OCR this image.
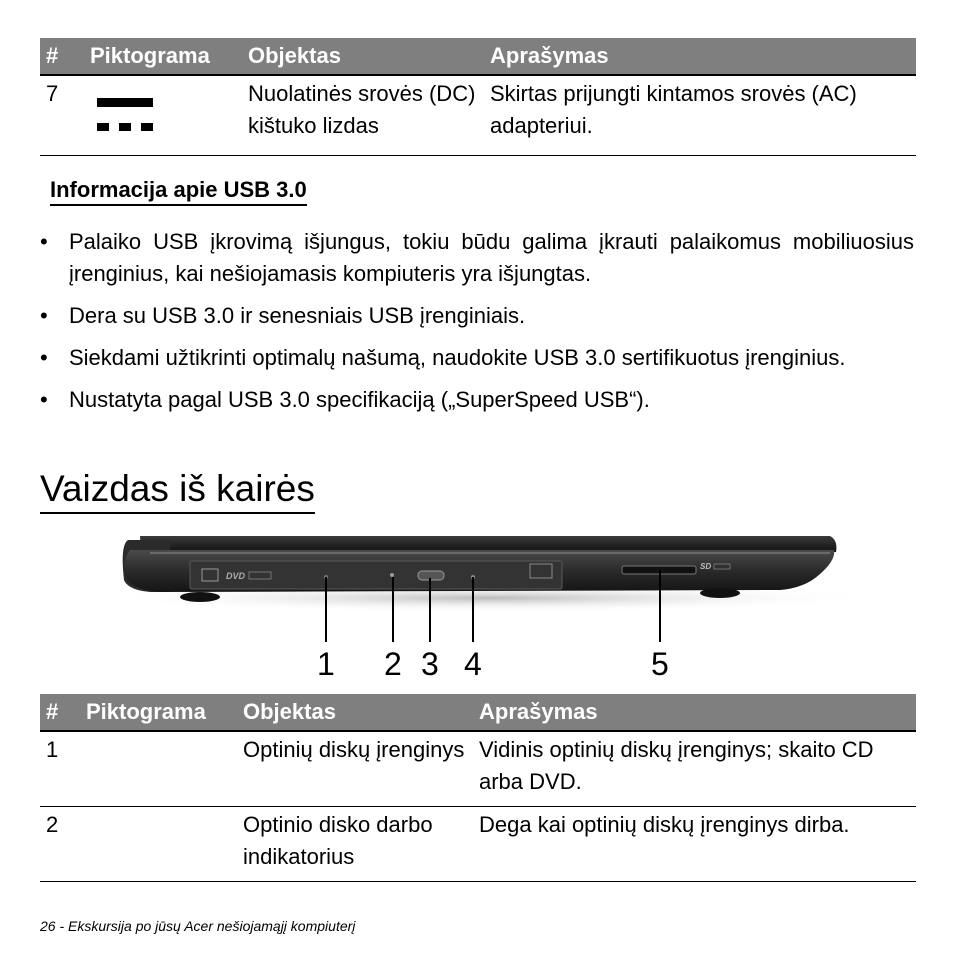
#	Piktograma	Objektas	Aprašymas
7		Nuolatinės srovės (DC) kištuko lizdas	Skirtas prijungti kintamos srovės (AC) adapteriui.
Informacija apie USB 3.0
• Palaiko USB įkrovimą išjungus, tokiu būdu galima įkrauti palaikomus mobiliuosius įrenginius, kai nešiojamasis kompiuteris yra išjungtas.
• Dera su USB 3.0 ir senesniais USB įrenginiais.
• Siekdami užtikrinti optimalų našumą, naudokite USB 3.0 sertifikuotus įrenginius.
• Nustatyta pagal USB 3.0 specifikaciją („SuperSpeed USB“).
Vaizdas iš kairės
DVD
SD
1 2 3 4	5
#	Piktograma	Objektas	Aprašymas
1		Optinių diskų įrenginys	Vidinis optinių diskų įrenginys; skaito CD arba DVD.
2		Optinio disko darbo indikatorius	Dega kai optinių diskų įrenginys dirba.
26 - Ekskursija po jūsų Acer nešiojamąjį kompiuterį
